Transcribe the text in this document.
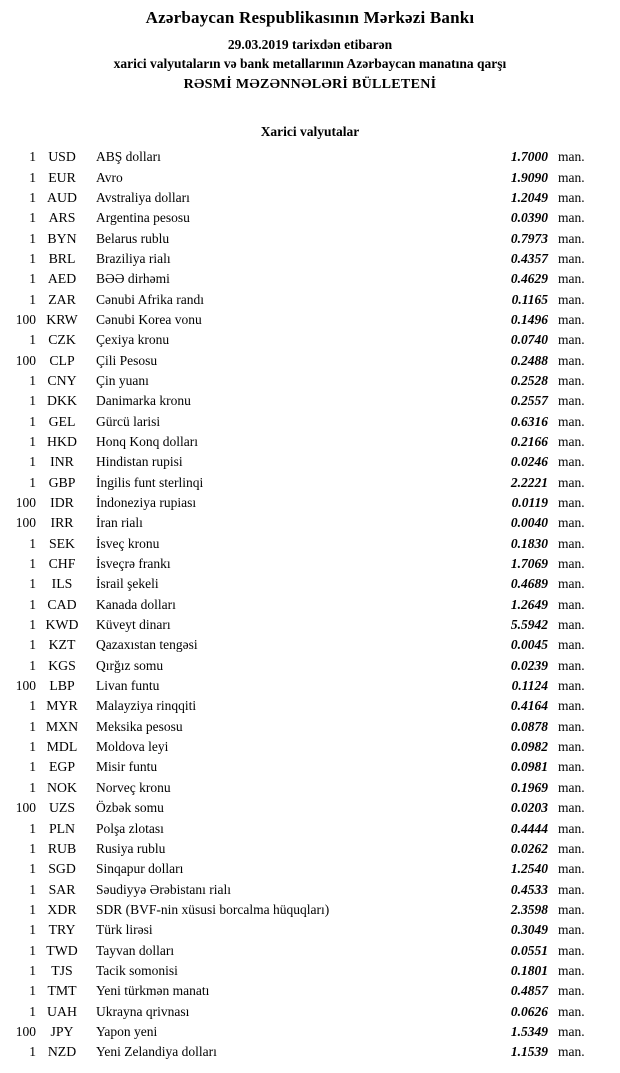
Azərbaycan Respublikasının Mərkəzi Bankı
29.03.2019 tarixdən etibarən
xarici valyutaların və bank metallarının Azərbaycan manatına qarşı
RƏSMİ MƏZƏNNƏLƏRİ BÜLLETENİ
Xarici valyutalar
1 USD	ABŞ dolları	1.7000 man.
1 EUR	Avro	1.9090 man.
1 AUD	Avstraliya dolları	1.2049 man.
1 ARS	Argentina pesosu	0.0390 man.
1 BYN	Belarus rublu	0.7973 man.
1 BRL	Braziliya rialı	0.4357 man.
1 AED	BƏƏ dirhəmi	0.4629 man.
1 ZAR	Cənubi Afrika randı	0.1165 man.
100 KRW	Cənubi Korea vonu	0.1496 man.
1 CZK	Çexiya kronu	0.0740 man.
100 CLP	Çili Pesosu	0.2488 man.
1 CNY	Çin yuanı	0.2528 man.
1 DKK	Danimarka kronu	0.2557 man.
1 GEL	Gürcü larisi	0.6316 man.
1 HKD	Honq Konq dolları	0.2166 man.
1	INR	Hindistan rupisi	0.0246 man.
1 GBP	İngilis funt sterlinqi	2.2221 man.
100	IDR	İndoneziya rupiası	0.0119 man.
100	IRR	İran rialı	0.0040 man.
1 SEK	İsveç kronu	0.1830 man.
1 CHF	İsveçrə frankı	1.7069 man.
1	ILS	İsrail şekeli	0.4689 man.
1 CAD	Kanada dolları	1.2649 man.
1 KWD	Küveyt dinarı	5.5942 man.
1 KZT	Qazaxıstan tengəsi	0.0045 man.
1 KGS	Qırğız somu	0.0239 man.
100 LBP	Livan funtu	0.1124 man.
1 MYR	Malayziya rinqqiti	0.4164 man.
1 MXN	Meksika pesosu	0.0878 man.
1 MDL	Moldova leyi	0.0982 man.
1 EGP	Misir funtu	0.0981 man.
1 NOK	Norveç kronu	0.1969 man.
100 UZS	Özbək somu	0.0203 man.
1 PLN	Polşa zlotası	0.4444 man.
1 RUB	Rusiya rublu	0.0262 man.
1 SGD	Sinqapur dolları	1.2540 man.
1 SAR	Səudiyyə Ərəbistanı rialı	0.4533 man.
1 XDR	SDR (BVF-nin xüsusi borcalma hüquqları)	2.3598 man.
1 TRY	Türk lirəsi	0.3049 man.
1 TWD	Tayvan dolları	0.0551 man.
1	TJS	Tacik somonisi	0.1801 man.
1 TMT	Yeni türkmən manatı	0.4857 man.
1 UAH	Ukrayna qrivnası	0.0626 man.
100	JPY	Yapon yeni	1.5349 man.
1 NZD	Yeni Zelandiya dolları	1.1539 man.
